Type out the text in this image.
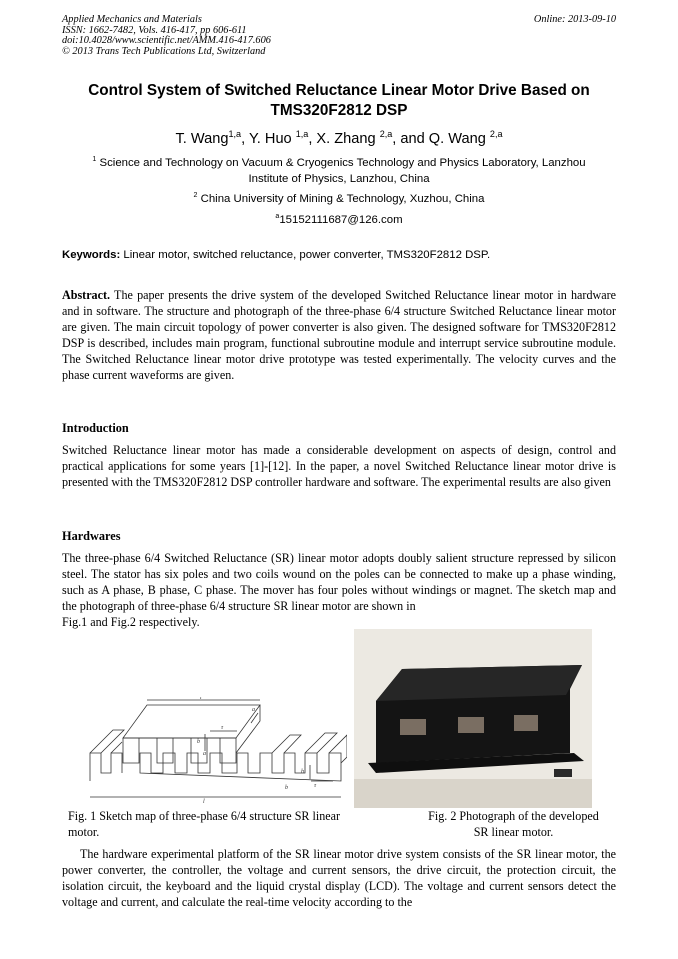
Applied Mechanics and Materials
ISSN: 1662-7482, Vols. 416-417, pp 606-611
doi:10.4028/www.scientific.net/AMM.416-417.606
© 2013 Trans Tech Publications Ltd, Switzerland
Online: 2013-09-10
Control System of Switched Reluctance Linear Motor Drive Based on
TMS320F2812 DSP
T. Wang$^{1,a}$, Y. Huo $^{1,a}$, X. Zhang $^{2,a}$, and Q. Wang $^{2,a}$
$^1$ Science and Technology on Vacuum & Cryogenics Technology and Physics Laboratory, Lanzhou
Institute of Physics, Lanzhou, China
$^2$ China University of Mining & Technology, Xuzhou, China
$^a$15152111687@126.com
Keywords: Linear motor, switched reluctance, power converter, TMS320F2812 DSP.

Abstract. The paper presents the drive system of the developed Switched Reluctance linear motor in hardware and in software. The structure and photograph of the three-phase 6/4 structure Switched Reluctance linear motor are given. The main circuit topology of power converter is also given. The designed software for TMS320F2812 DSP is described, includes main program, functional subroutine module and interrupt service subroutine module. The Switched Reluctance linear motor drive prototype was tested experimentally. The velocity curves and the phase current waveforms are given.

Introduction

Switched Reluctance linear motor has made a considerable development on aspects of design, control and practical applications for some years [1]-[12]. In the paper, a novel Switched Reluctance linear motor drive is presented with the TMS320F2812 DSP controller hardware and software. The experimental results are also given

Hardwares

The three-phase 6/4 Switched Reluctance (SR) linear motor adopts doubly salient structure repressed by silicon steel. The stator has six poles and two coils wound on the poles can be connected to make up a phase winding, such as A phase, B phase, C phase. The mover has four poles without windings or magnet. The sketch map and the photograph of three-phase 6/4 structure SR linear motor are shown in

Fig.1 and Fig.2 respectively.
l
l
τ
a
b
τ
h
b
a
Fig. 1 Sketch map of three-phase 6/4 structure SR linear motor.
Fig. 2 Photograph of the developed
SR linear motor.

The hardware experimental platform of the SR linear motor drive system consists of the SR linear motor, the power converter, the controller, the voltage and current sensors, the drive circuit, the protection circuit, the isolation circuit, the keyboard and the liquid crystal display (LCD). The voltage and current sensors detect the voltage and current, and calculate the real-time velocity according to the
